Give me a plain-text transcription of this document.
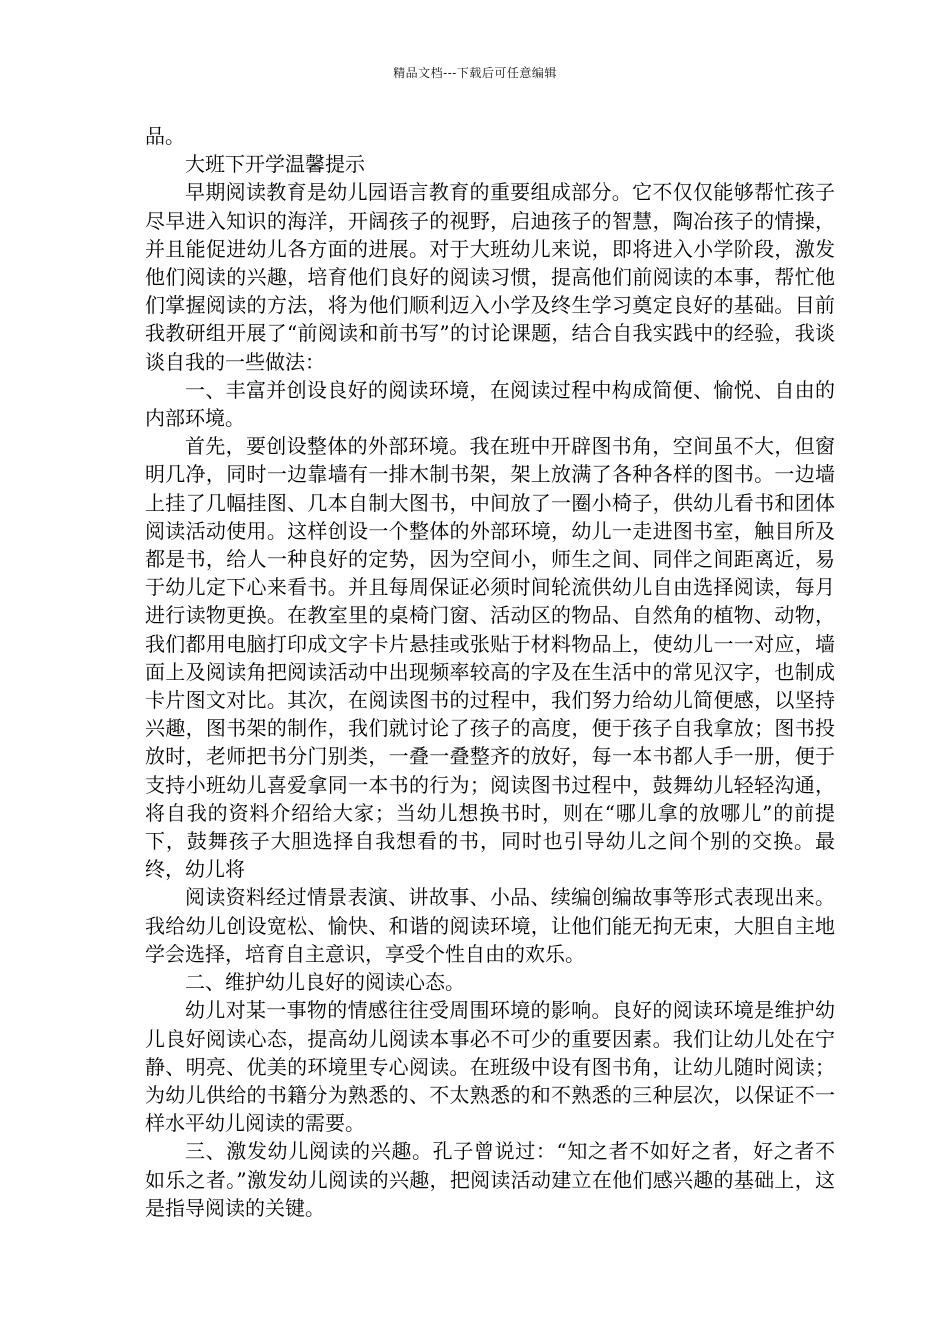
精品文档---下载后可任意编辑

品。

大班下开学温馨提示

早期阅读教育是幼儿园语言教育的重要组成部分。它不仅仅能够帮忙孩子尽早进入知识的海洋，开阔孩子的视野，启迪孩子的智慧，陶冶孩子的情操，并且能促进幼儿各方面的进展。对于大班幼儿来说，即将进入小学阶段，激发他们阅读的兴趣，培育他们良好的阅读习惯，提高他们前阅读的本事，帮忙他们掌握阅读的方法，将为他们顺利迈入小学及终生学习奠定良好的基础。目前我教研组开展了“前阅读和前书写”的讨论课题，结合自我实践中的经验，我谈谈自我的一些做法：

一、丰富并创设良好的阅读环境，在阅读过程中构成简便、愉悦、自由的内部环境。

首先，要创设整体的外部环境。我在班中开辟图书角，空间虽不大，但窗明几净，同时一边靠墙有一排木制书架，架上放满了各种各样的图书。一边墙上挂了几幅挂图、几本自制大图书，中间放了一圈小椅子，供幼儿看书和团体阅读活动使用。这样创设一个整体的外部环境，幼儿一走进图书室，触目所及都是书，给人一种良好的定势，因为空间小，师生之间、同伴之间距离近，易于幼儿定下心来看书。并且每周保证必须时间轮流供幼儿自由选择阅读，每月进行读物更换。在教室里的桌椅门窗、活动区的物品、自然角的植物、动物，我们都用电脑打印成文字卡片悬挂或张贴于材料物品上，使幼儿一一对应，墙面上及阅读角把阅读活动中出现频率较高的字及在生活中的常见汉字，也制成卡片图文对比。其次，在阅读图书的过程中，我们努力给幼儿简便感，以坚持兴趣，图书架的制作，我们就讨论了孩子的高度，便于孩子自我拿放；图书投放时，老师把书分门别类，一叠一叠整齐的放好，每一本书都人手一册，便于支持小班幼儿喜爱拿同一本书的行为；阅读图书过程中，鼓舞幼儿轻轻沟通，将自我的资料介绍给大家；当幼儿想换书时，则在“哪儿拿的放哪儿”的前提下，鼓舞孩子大胆选择自我想看的书，同时也引导幼儿之间个别的交换。最终，幼儿将

阅读资料经过情景表演、讲故事、小品、续编创编故事等形式表现出来。我给幼儿创设宽松、愉快、和谐的阅读环境，让他们能无拘无束，大胆自主地学会选择，培育自主意识，享受个性自由的欢乐。

二、维护幼儿良好的阅读心态。

幼儿对某一事物的情感往往受周围环境的影响。良好的阅读环境是维护幼儿良好阅读心态，提高幼儿阅读本事必不可少的重要因素。我们让幼儿处在宁静、明亮、优美的环境里专心阅读。在班级中设有图书角，让幼儿随时阅读；为幼儿供给的书籍分为熟悉的、不太熟悉的和不熟悉的三种层次，以保证不一样水平幼儿阅读的需要。

三、激发幼儿阅读的兴趣。孔子曾说过：“知之者不如好之者，好之者不如乐之者。”激发幼儿阅读的兴趣，把阅读活动建立在他们感兴趣的基础上，这是指导阅读的关键。
